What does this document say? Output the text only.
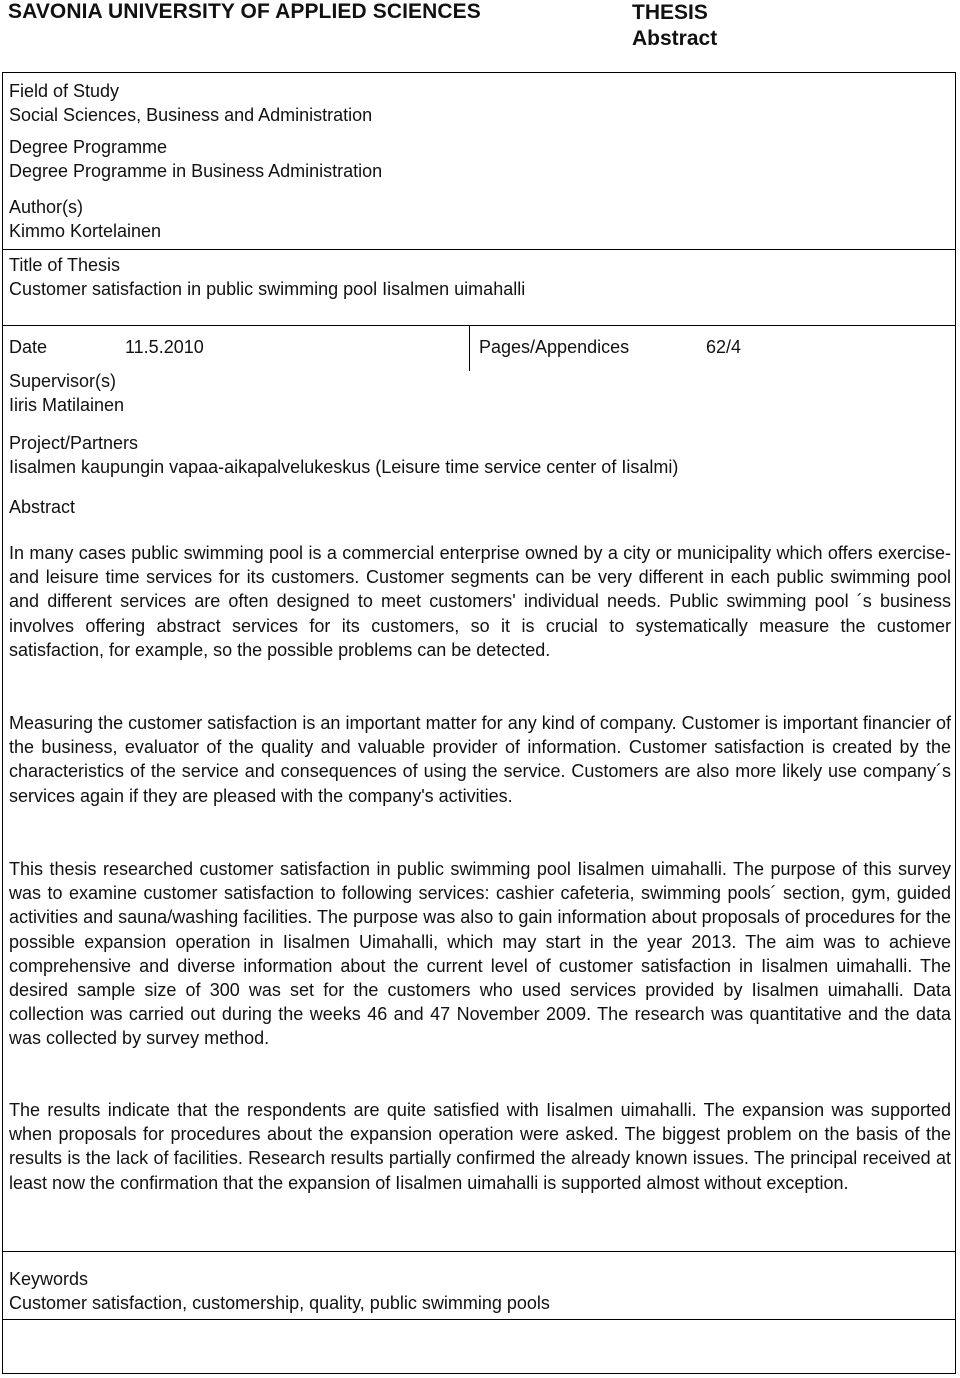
SAVONIA UNIVERSITY OF APPLIED SCIENCES	THESIS
Abstract
Field of Study
Social Sciences, Business and Administration
Degree Programme
Degree Programme in Business Administration
Author(s)
Kimmo Kortelainen
Title of Thesis
Customer satisfaction in public swimming pool Iisalmen uimahalli
Date	11.5.2010	Pages/Appendices	62/4
Supervisor(s)
Iiris Matilainen
Project/Partners
Iisalmen kaupungin vapaa-aikapalvelukeskus (Leisure time service center of Iisalmi)
Abstract
In many cases public swimming pool is a commercial enterprise owned by a city or municipality which offers exercise- and leisure time services for its customers. Customer segments can be very different in each public swimming pool and different services are often designed to meet customers' individual needs. Public swimming pool ´s business involves offering abstract services for its customers, so it is crucial to systematically measure the customer satisfaction, for example, so the possible problems can be detected.
Measuring the customer satisfaction is an important matter for any kind of company. Customer is important financier of the business, evaluator of the quality and valuable provider of information. Customer satisfaction is created by the characteristics of the service and consequences of using the service. Customers are also more likely use company´s services again if they are pleased with the company's activities.
This thesis researched customer satisfaction in public swimming pool Iisalmen uimahalli. The purpose of this survey was to examine customer satisfaction to following services: cashier cafeteria, swimming pools´ section, gym, guided activities and sauna/washing facilities. The purpose was also to gain information about proposals of procedures for the possible expansion operation in Iisalmen Uimahalli, which may start in the year 2013. The aim was to achieve comprehensive and diverse information about the current level of customer satisfaction in Iisalmen uimahalli. The desired sample size of 300 was set for the customers who used services provided by Iisalmen uimahalli. Data collection was carried out during the weeks 46 and 47 November 2009. The research was quantitative and the data was collected by survey method.
The results indicate that the respondents are quite satisfied with Iisalmen uimahalli. The expansion was supported when proposals for procedures about the expansion operation were asked. The biggest problem on the basis of the results is the lack of facilities. Research results partially confirmed the already known issues. The principal received at least now the confirmation that the expansion of Iisalmen uimahalli is supported almost without exception.
Keywords
Customer satisfaction, customership, quality, public swimming pools
